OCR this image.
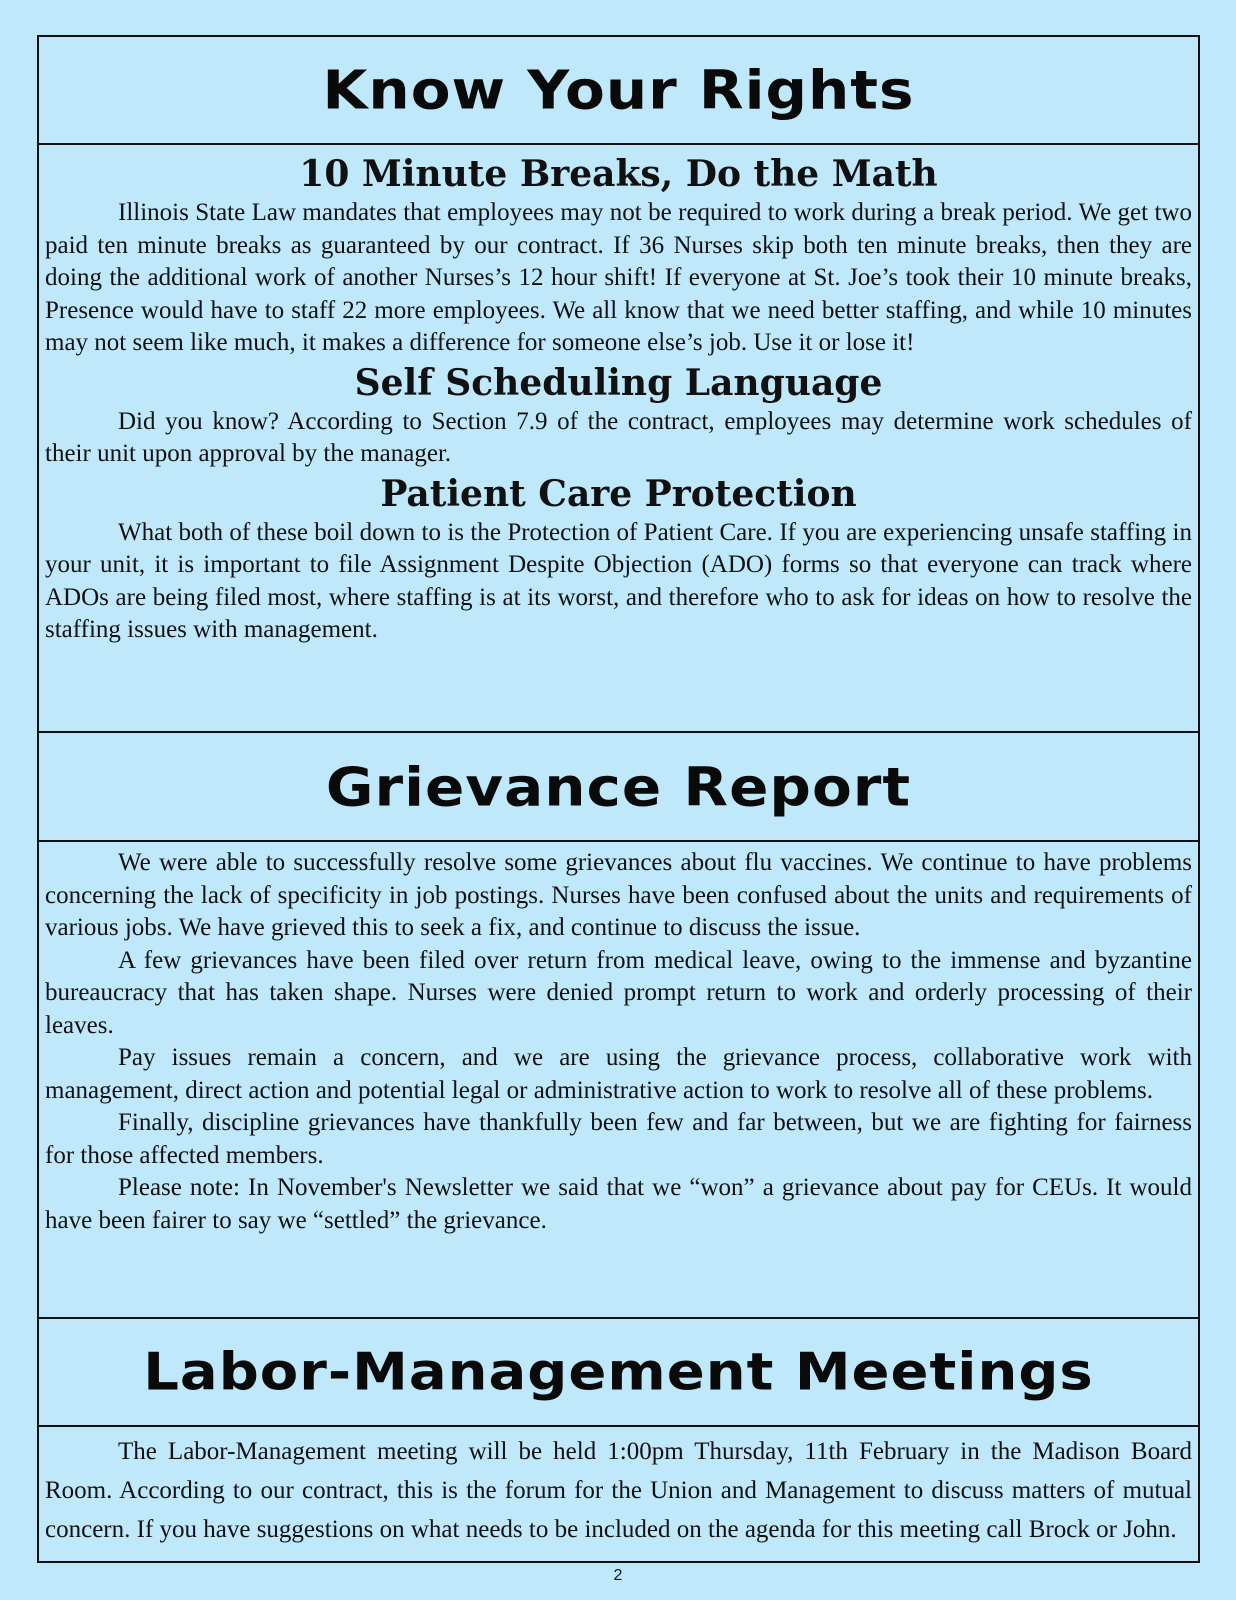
Know Your Rights
10 Minute Breaks, Do the Math

Illinois State Law mandates that employees may not be required to work during a break period. We get two paid ten minute breaks as guaranteed by our contract. If 36 Nurses skip both ten minute breaks, then they are doing the additional work of another Nurses’s 12 hour shift! If everyone at St. Joe’s took their 10 minute breaks, Presence would have to staff 22 more employees. We all know that we need better staffing, and while 10 minutes may not seem like much, it makes a difference for someone else’s job. Use it or lose it!

Self Scheduling Language

Did you know? According to Section 7.9 of the contract, employees may determine work schedules of their unit upon approval by the manager.

Patient Care Protection

What both of these boil down to is the Protection of Patient Care. If you are experiencing unsafe staffing in your unit, it is important to file Assignment Despite Objection (ADO) forms so that everyone can track where ADOs are being filed most, where staffing is at its worst, and therefore who to ask for ideas on how to resolve the staffing issues with management.

Grievance Report

We were able to successfully resolve some grievances about flu vaccines. We continue to have problems concerning the lack of specificity in job postings. Nurses have been confused about the units and requirements of various jobs. We have grieved this to seek a fix, and continue to discuss the issue.

A few grievances have been filed over return from medical leave, owing to the immense and byzantine bureaucracy that has taken shape. Nurses were denied prompt return to work and orderly processing of their leaves.

Pay issues remain a concern, and we are using the grievance process, collaborative work with management, direct action and potential legal or administrative action to work to resolve all of these problems.

Finally, discipline grievances have thankfully been few and far between, but we are fighting for fairness for those affected members.

Please note: In November's Newsletter we said that we “won” a grievance about pay for CEUs. It would have been fairer to say we “settled” the grievance.

Labor-Management Meetings

The Labor-Management meeting will be held 1:00pm Thursday, 11th February in the Madison Board Room. According to our contract, this is the forum for the Union and Management to discuss matters of mutual concern. If you have suggestions on what needs to be included on the agenda for this meeting call Brock or John.

2
